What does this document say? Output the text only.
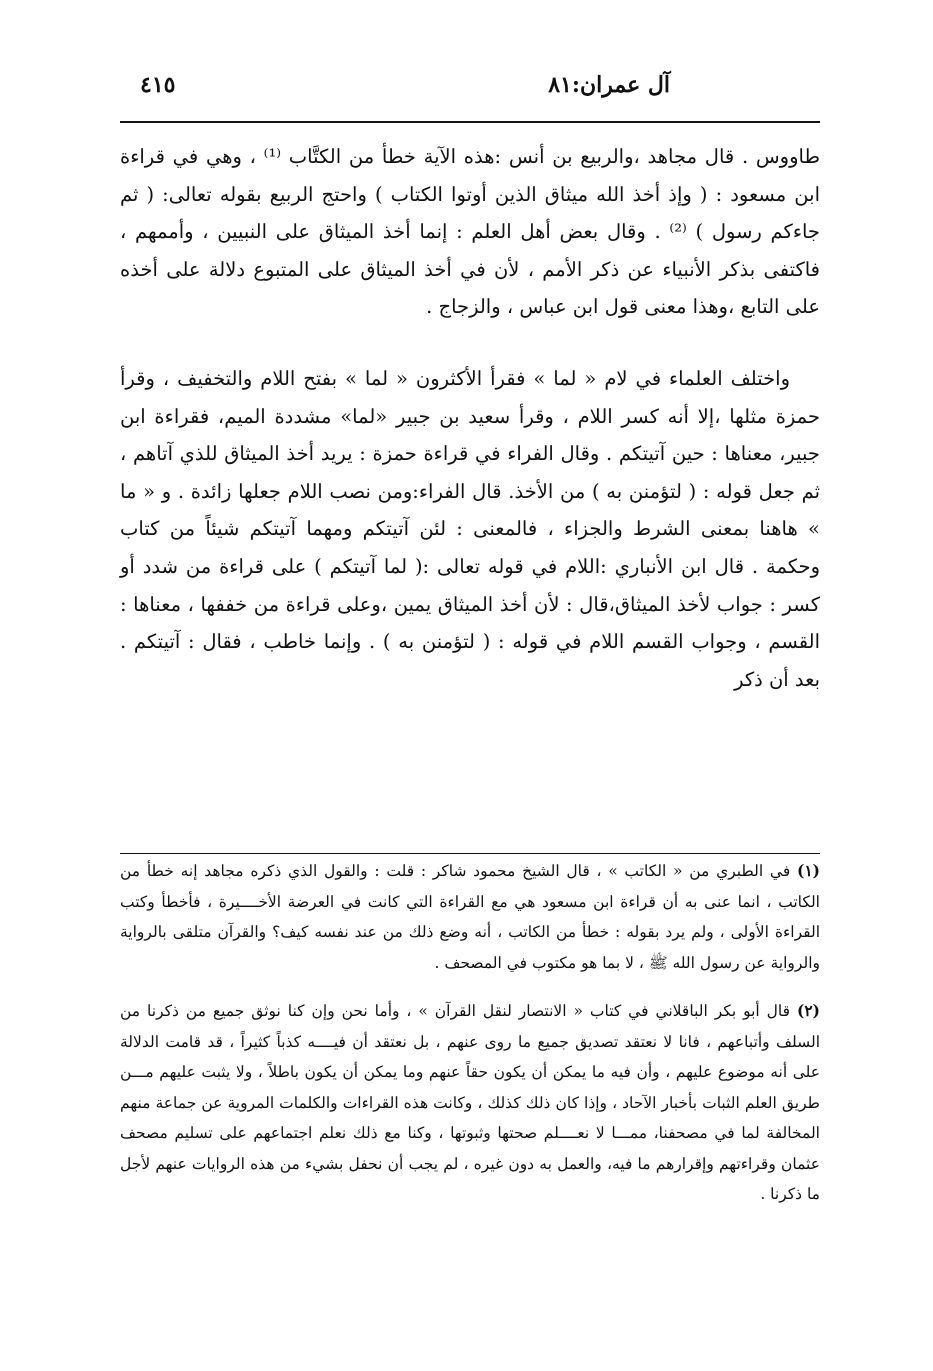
آل عمران:٨١
٤١٥

طاووس . قال مجاهد ،والربيع بن أنس :هذه الآية خطأ من الكتَّاب ⁽¹⁾ ، وهي في قراءة ابن مسعود : ( وإذ أخذ الله ميثاق الذين أوتوا الكتاب ) واحتج الربيع بقوله تعالى: ( ثم جاءكم رسول ) ⁽²⁾ . وقال بعض أهل العلم : إنما أخذ الميثاق على النبيين ، وأممهم ، فاكتفى بذكر الأنبياء عن ذكر الأمم ، لأن في أخذ الميثاق على المتبوع دلالة على أخذه على التابع ،وهذا معنى قول ابن عباس ، والزجاج .

واختلف العلماء في لام « لما » فقرأ الأكثرون « لما » بفتح اللام والتخفيف ، وقرأ حمزة مثلها ،إلا أنه كسر اللام ، وقرأ سعيد بن جبير «لما» مشددة الميم، فقراءة ابن جبير، معناها : حين آتيتكم . وقال الفراء في قراءة حمزة : يريد أخذ الميثاق للذي آتاهم ، ثم جعل قوله : ( لتؤمنن به ) من الأخذ. قال الفراء:ومن نصب اللام جعلها زائدة . و « ما » هاهنا بمعنى الشرط والجزاء ، فالمعنى : لئن آتيتكم ومهما آتيتكم شيئاً من كتاب وحكمة . قال ابن الأنباري :اللام في قوله تعالى :( لما آتيتكم ) على قراءة من شدد أو كسر : جواب لأخذ الميثاق،قال : لأن أخذ الميثاق يمين ،وعلى قراءة من خففها ، معناها : القسم ، وجواب القسم اللام في قوله : ( لتؤمنن به ) . وإنما خاطب ، فقال : آتيتكم . بعد أن ذكر

(١) في الطبري من « الكاتب » ، قال الشيخ محمود شاكر : قلت : والقول الذي ذكره مجاهد إنه خطأ من الكاتب ، انما عنى به أن قراءة ابن مسعود هي مع القراءة التي كانت في العرضة الأخــــيرة ، فأخطأ وكتب القراءة الأولى ، ولم يرد بقوله : خطأ من الكاتب ، أنه وضع ذلك من عند نفسه كيف؟ والقرآن متلقى بالرواية والرواية عن رسول الله ﷺ ، لا بما هو مكتوب في المصحف .

(٢) قال أبو بكر الباقلاني في كتاب « الانتصار لنقل القرآن » ، وأما نحن وإن كنا نوثق جميع من ذكرنا من السلف وأتباعهم ، فانا لا نعتقد تصديق جميع ما روى عنهم ، بل نعتقد أن فيــــه كذباً كثيراً ، قد قامت الدلالة على أنه موضوع عليهم ، وأن فيه ما يمكن أن يكون حقاً عنهم وما يمكن أن يكون باطلاً ، ولا يثبت عليهم مـــن طريق العلم الثبات بأخبار الآحاد ، وإذا كان ذلك كذلك ، وكانت هذه القراءات والكلمات المروية عن جماعة منهم المخالفة لما في مصحفنا، ممـــا لا نعــــلم صحتها وثبوتها ، وكنا مع ذلك نعلم اجتماعهم على تسليم مصحف عثمان وقراءتهم وإقرارهم ما فيه، والعمل به دون غيره ، لم يجب أن نحفل بشيء من هذه الروايات عنهم لأجل ما ذكرنا .
